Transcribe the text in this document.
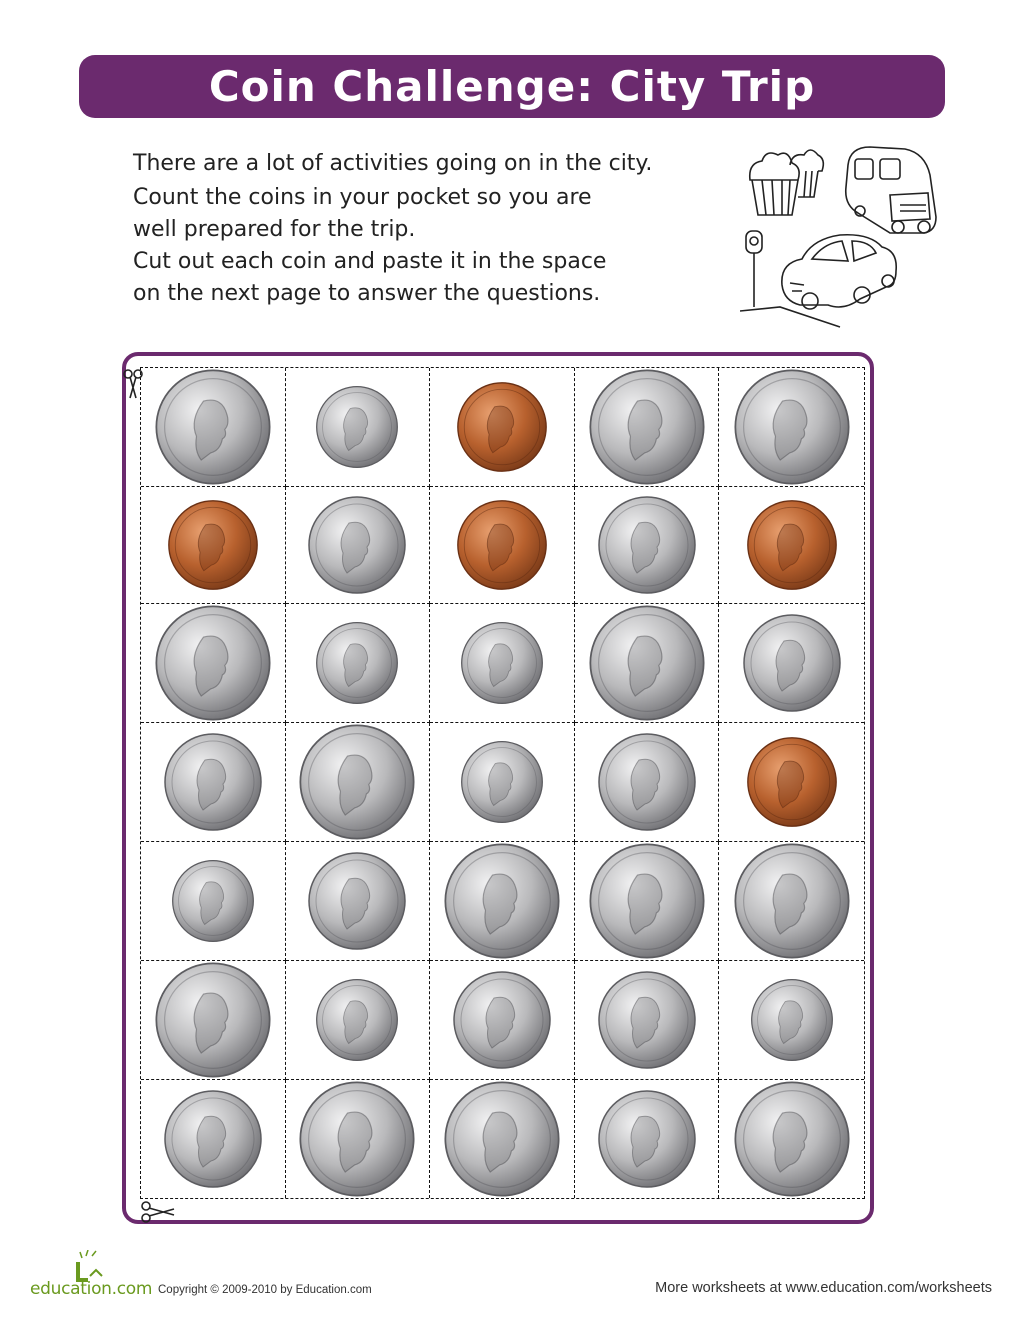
Coin Challenge: City Trip

There are a lot of activities going on in the city.

Count the coins in your pocket so you are

well prepared for the trip.

Cut out each coin and paste it in the space

on the next page to answer the questions.

education.com Copyright © 2009-2010 by Education.com	More worksheets at www.education.com/worksheets
